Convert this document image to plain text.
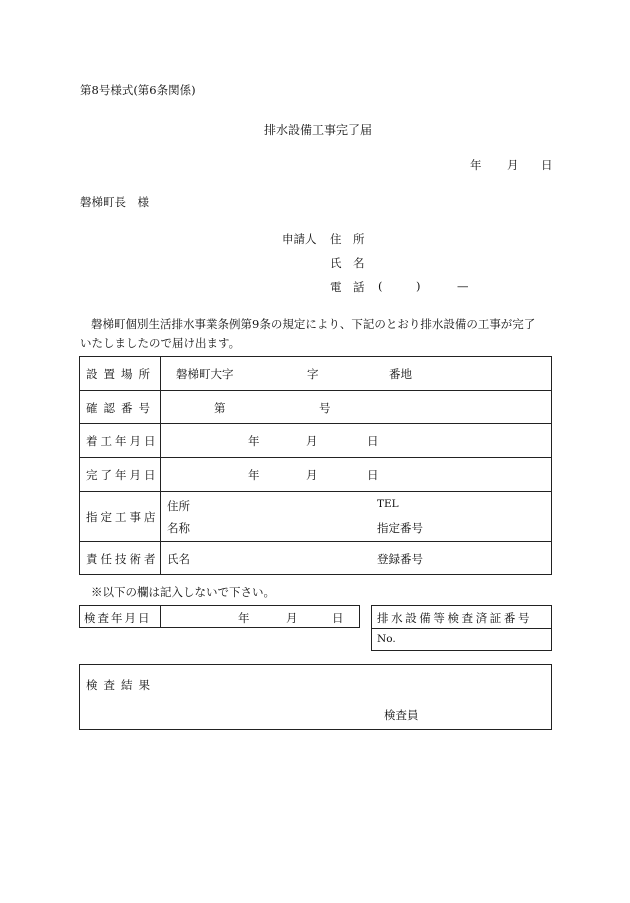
第8号様式(第6条関係)
排水設備工事完了届
年 月 日
磐梯町長　様
申請人 住　所
氏　名
電　話 (	)	—
磐梯町個別生活排水事業条例第9条の規定により、下記のとおり排水設備の工事が完了
いたしましたので届け出ます。
設置場所 磐梯町大字	字	番地
確認番号	第	号
着工年月日	年	月	日
完了年月日	年	月	日
指定工事店
住所	TEL
名称	指定番号
責任技術者 氏名	登録番号
※以下の欄は記入しないで下さい。
検査年月日	年	月	日	排水設備等検査済証番号
No.
検査結果
検査員
